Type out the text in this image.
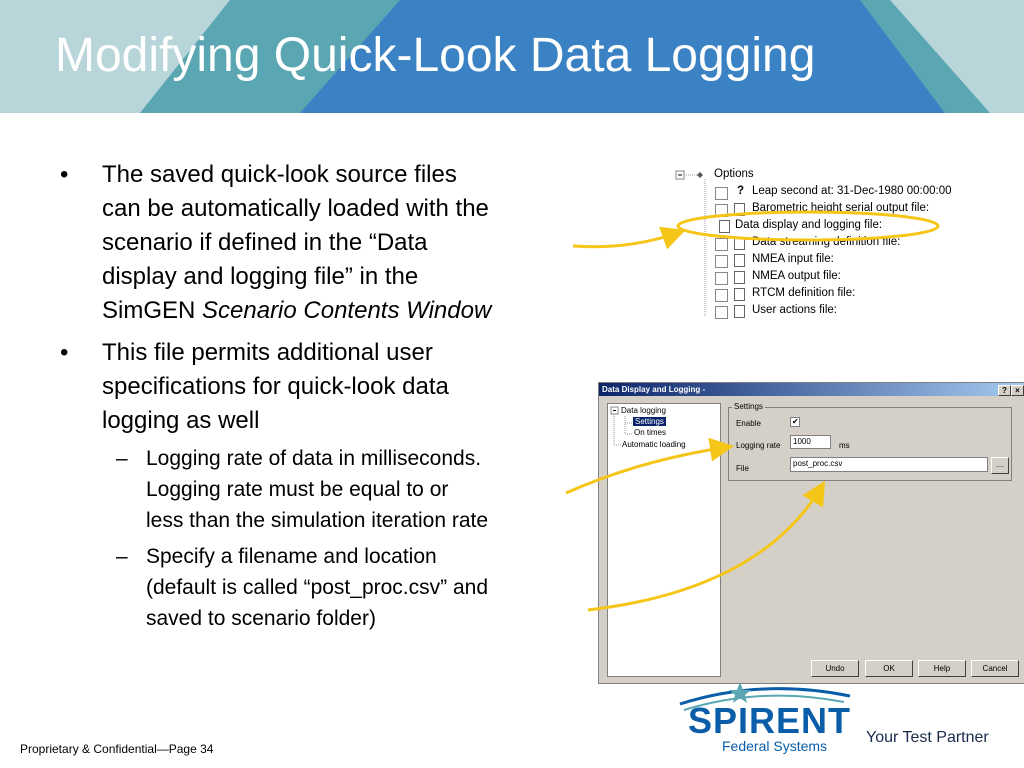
Modifying Quick-Look Data Logging
• The saved quick-look source files
can be automatically loaded with the
scenario if defined in the “Data
display and logging file” in the
SimGEN Scenario Contents Window
• This file permits additional user
specifications for quick-look data
logging as well
– Logging rate of data in milliseconds.
Logging rate must be equal to or
less than the simulation iteration rate
– Specify a filename and location
(default is called “post_proc.csv” and
saved to scenario folder)
Options
? Leap second at: 31-Dec-1980 00:00:00
Barometric height serial output file:
Data display and logging file:
Data streaming definition file:
NMEA input file:
NMEA output file:
RTCM definition file:
User actions file:
Data Display and Logging -	?	×
Data logging
Settings
On times
Automatic loading
Settings
Enable	✔
Logging rate	1000	ms
File
post_proc.csv	...
Undo	OK	Help	Cancel
SPIRENT
Federal Systems Your Test Partner
Proprietary & Confidential—Page 34
